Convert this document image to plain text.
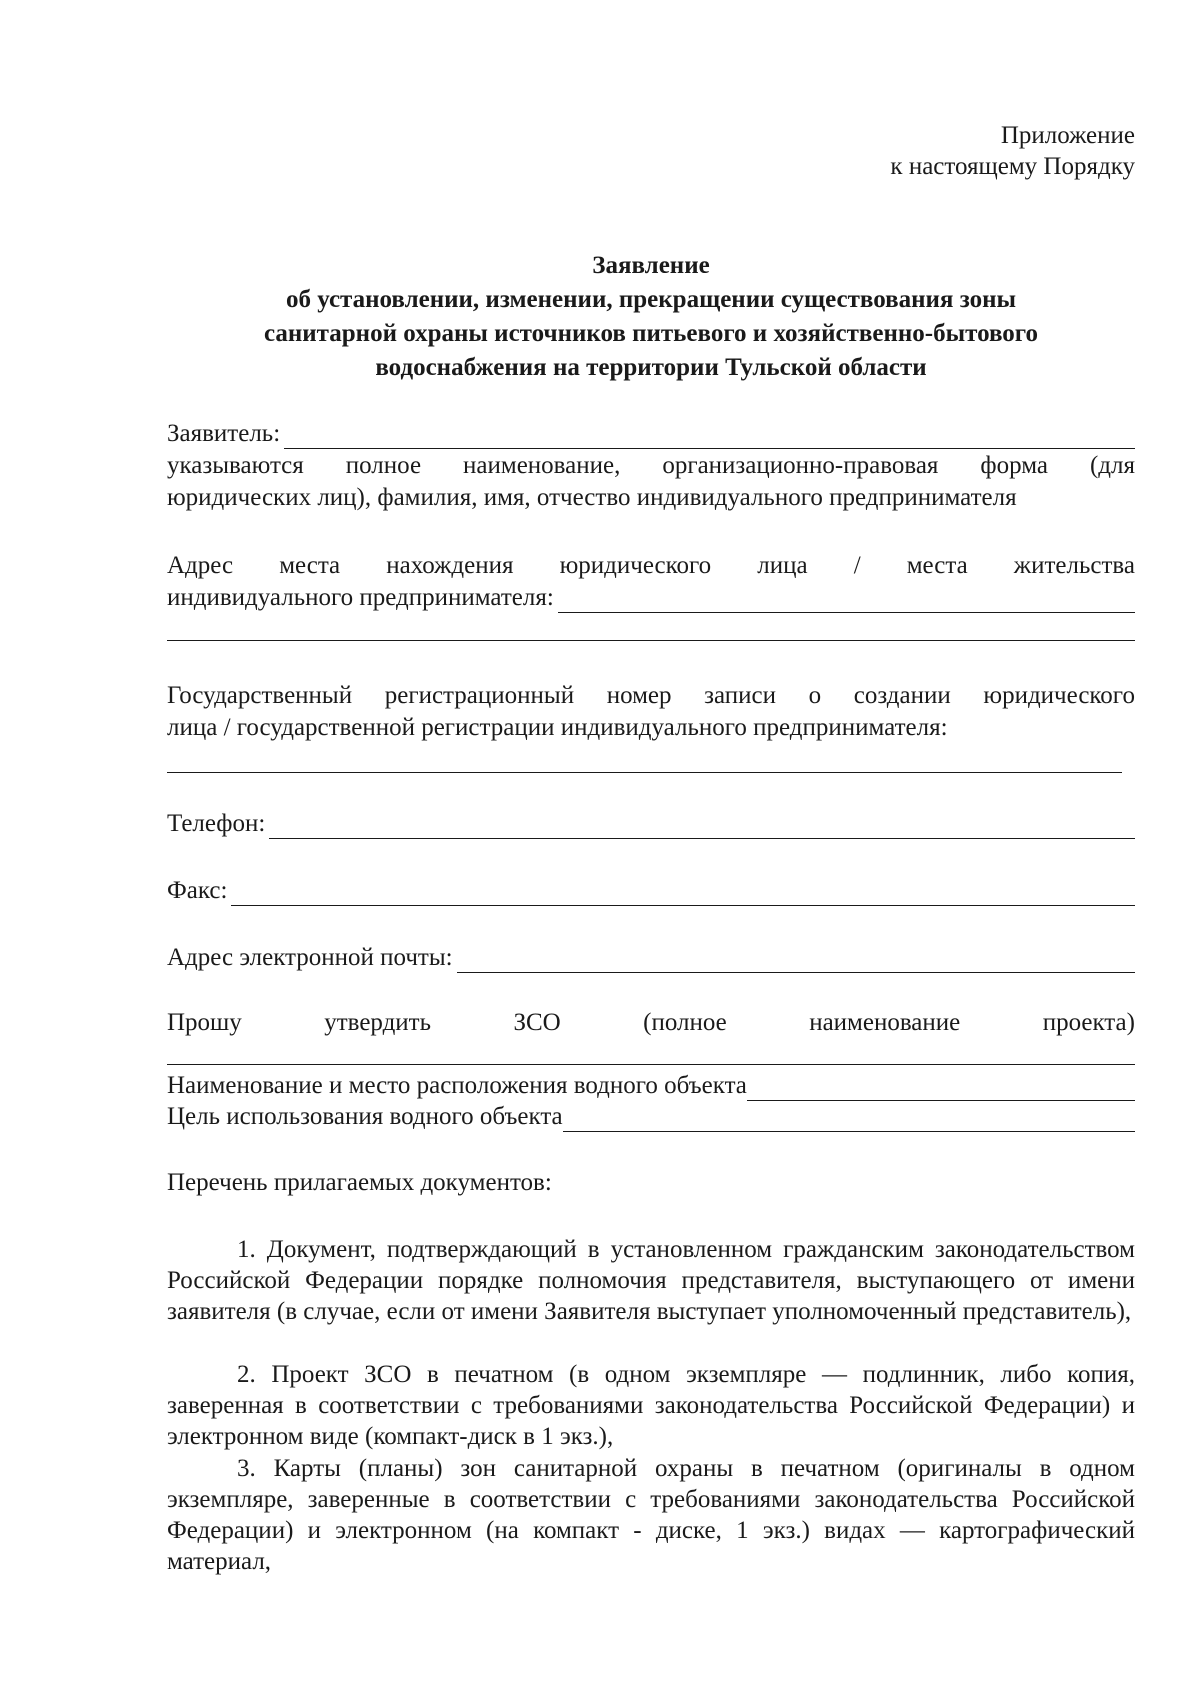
Приложение
к настоящему Порядку
Заявление
об установлении, изменении, прекращении существования зоны
санитарной охраны источников питьевого и хозяйственно-бытового
водоснабжения на территории Тульской области
Заявитель:
указываются полное наименование, организационно-правовая форма (для
юридических лиц), фамилия, имя, отчество индивидуального предпринимателя
Адрес места нахождения юридического лица / места жительства
индивидуального предпринимателя:
Государственный регистрационный номер записи о создании юридического
лица / государственной регистрации индивидуального предпринимателя:
Телефон:
Факс:
Адрес электронной почты:
Прошу	утвердить	ЗСО	(полное	наименование	проекта)
Наименование и место расположения водного объекта
Цель использования водного объекта
Перечень прилагаемых документов:
1. Документ, подтверждающий в установленном гражданским законодательством Российской Федерации порядке полномочия представителя, выступающего от имени заявителя (в случае, если от имени Заявителя выступает уполномоченный представитель),
2. Проект ЗСО в печатном (в одном экземпляре — подлинник, либо копия, заверенная в соответствии с требованиями законодательства Российской Федерации) и электронном виде (компакт-диск в 1 экз.),
3. Карты (планы) зон санитарной охраны в печатном (оригиналы в одном экземпляре, заверенные в соответствии с требованиями законодательства Российской Федерации) и электронном (на компакт - диске, 1 экз.) видах — картографический материал,
